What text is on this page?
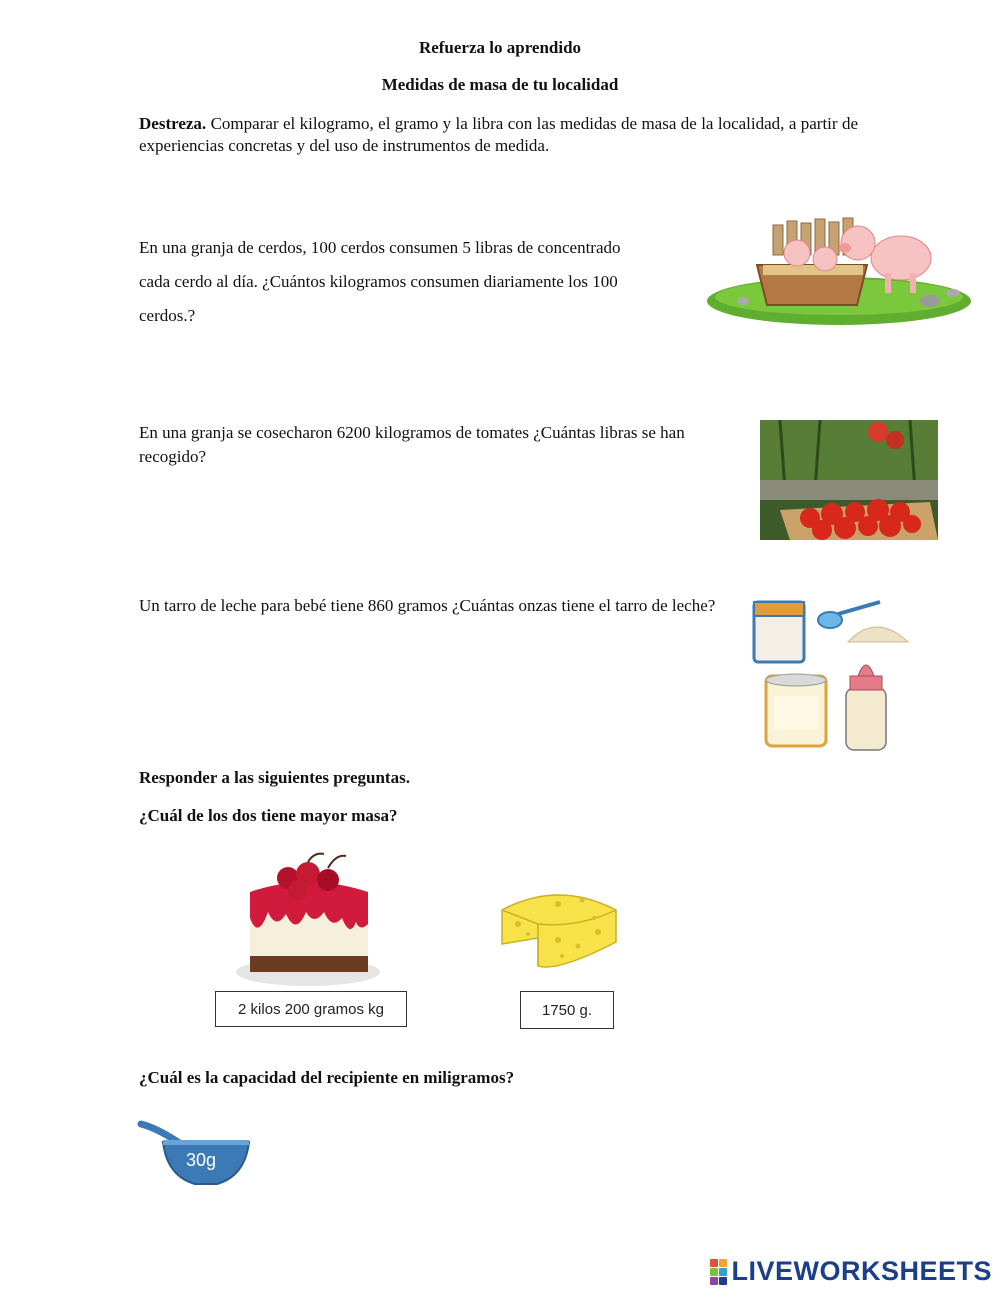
Refuerza lo aprendido
Medidas de masa de tu localidad
Destreza. Comparar el kilogramo, el gramo y la libra con las medidas de masa de la localidad, a partir de experiencias concretas y del uso de instrumentos de medida.
En una granja de cerdos, 100 cerdos consumen 5 libras de concentrado
cada cerdo al día. ¿Cuántos kilogramos consumen diariamente los 100
cerdos.?
En una granja se cosecharon 6200 kilogramos de tomates ¿Cuántas libras se han recogido?
Un tarro de leche para bebé tiene 860 gramos ¿Cuántas onzas tiene el tarro de leche?
Responder a las siguientes preguntas.
¿Cuál de los dos tiene mayor masa?
2 kilos 200 gramos kg	1750 g.
¿Cuál es la capacidad del recipiente en miligramos?
30g
LIVEWORKSHEETS
